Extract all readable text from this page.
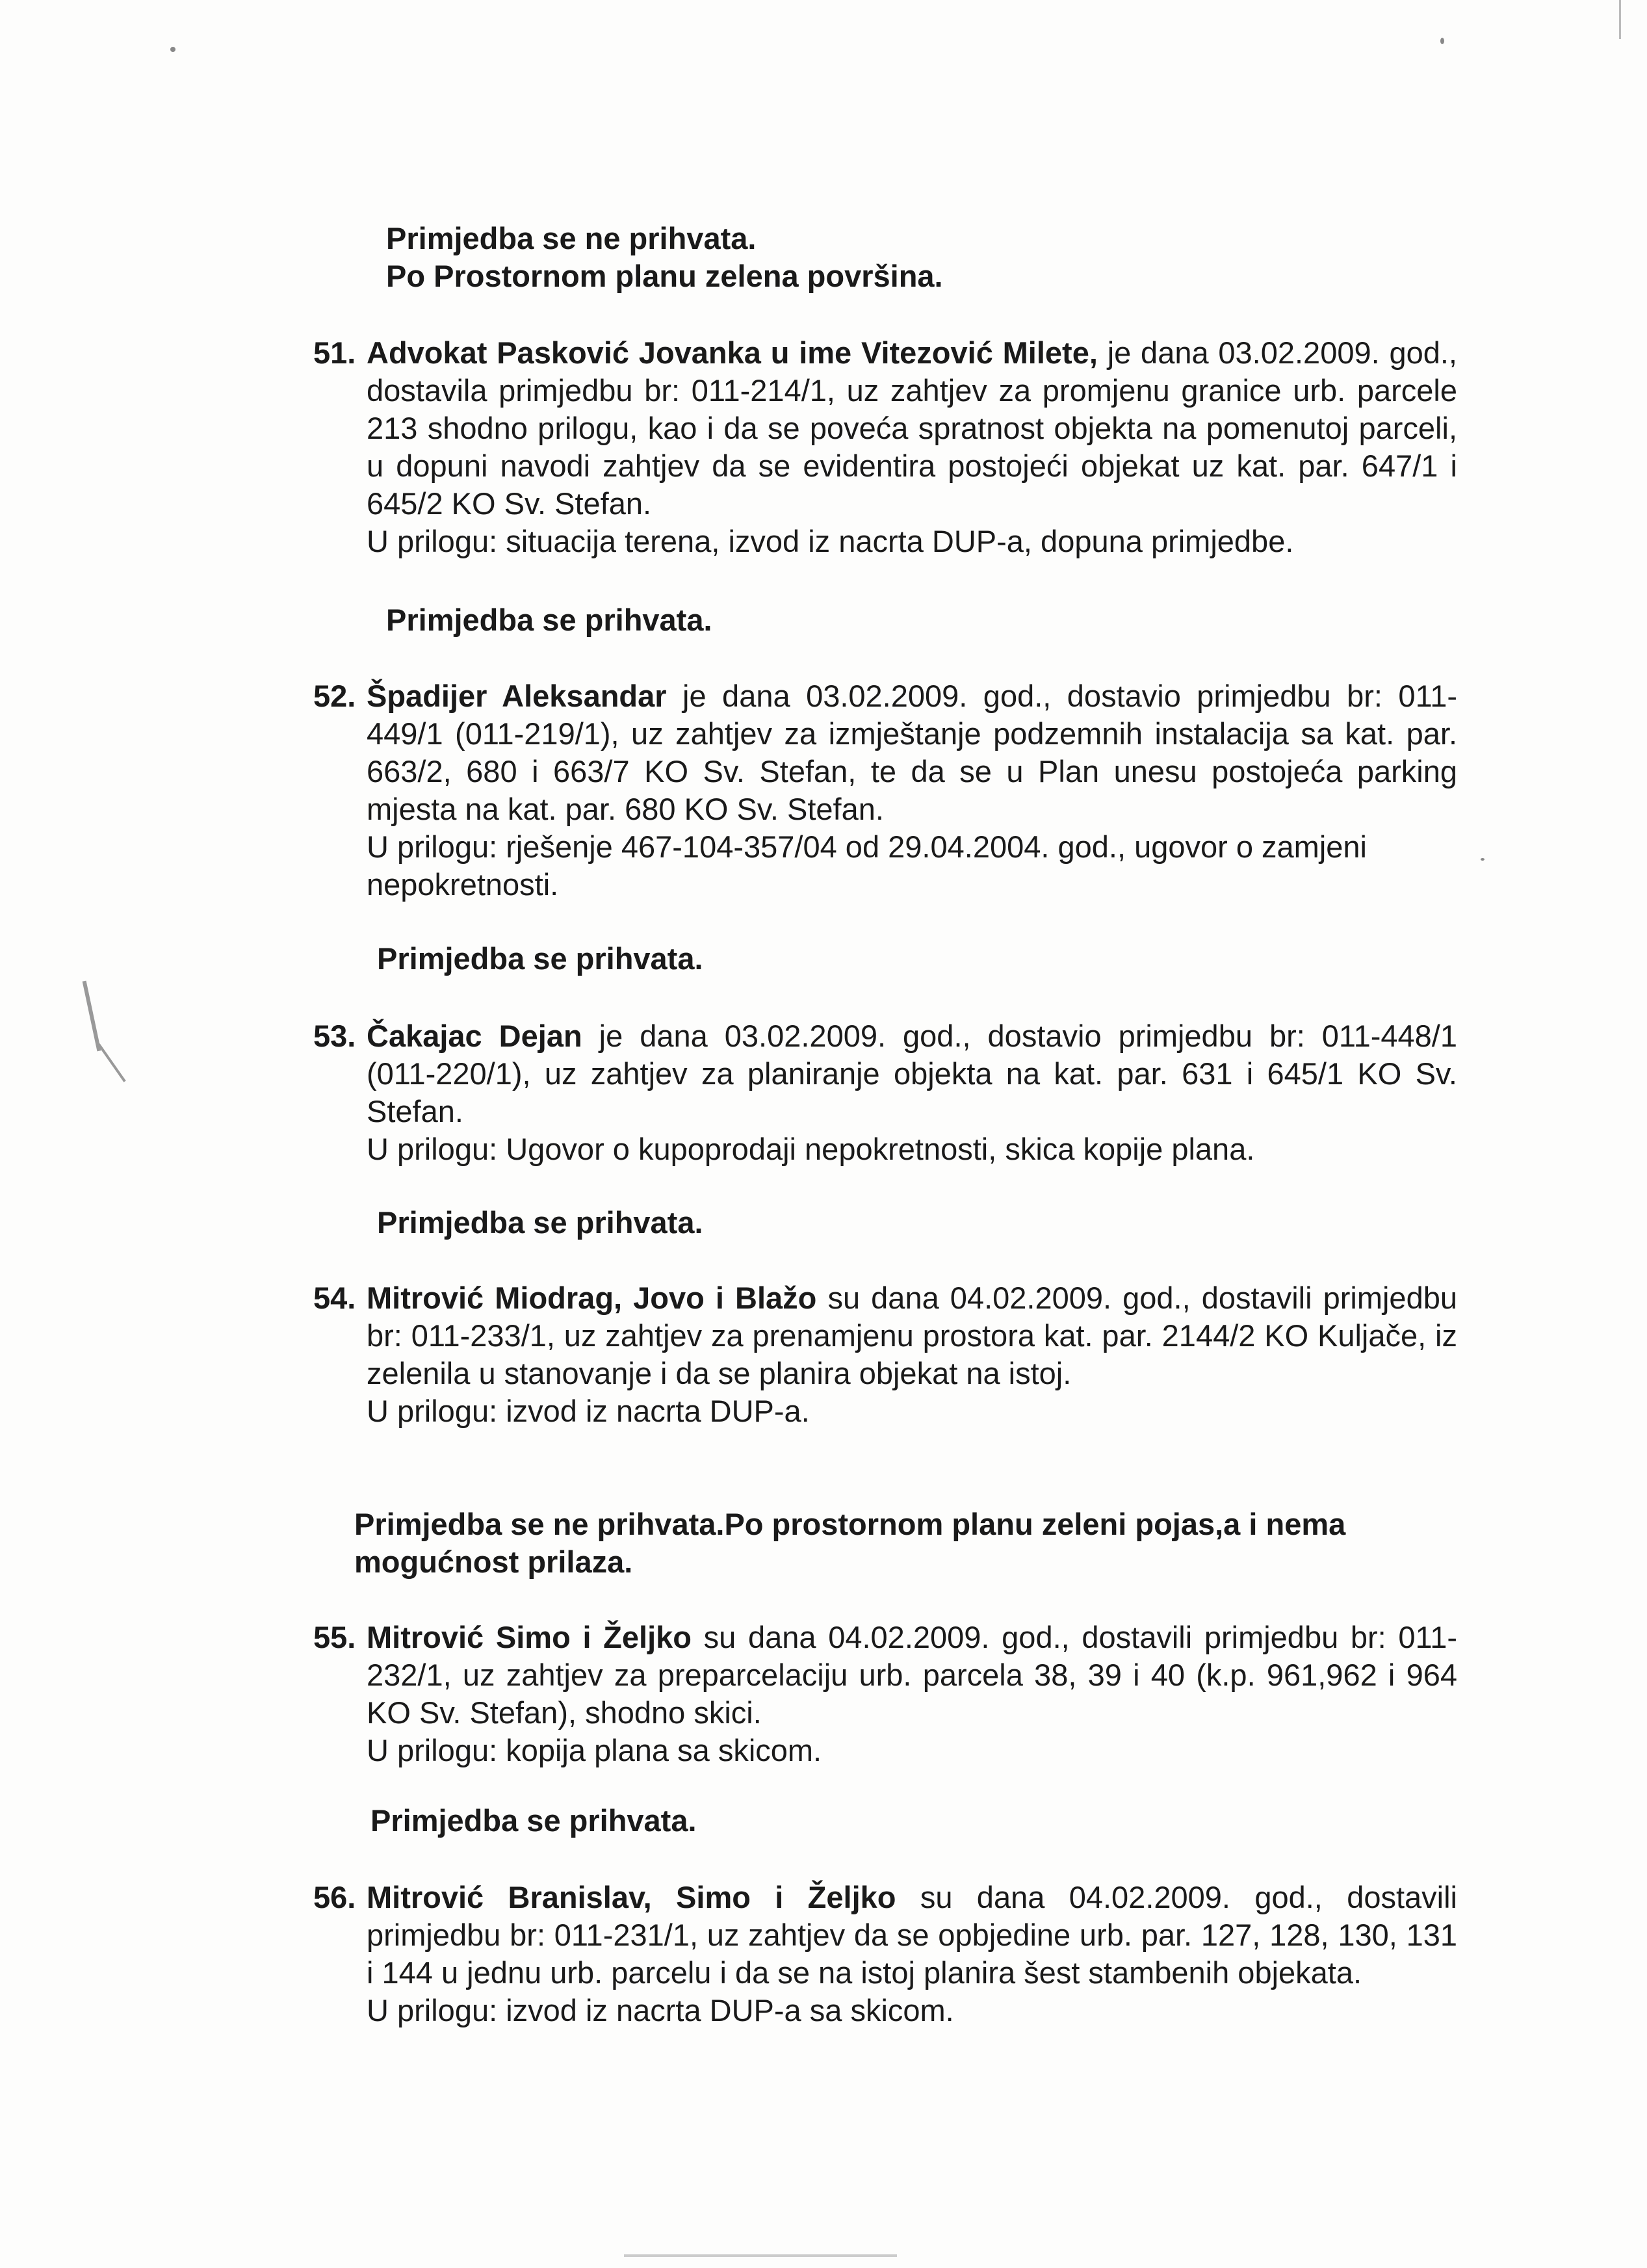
Primjedba se ne prihvata.

Po Prostornom planu zelena površina.

51. Advokat Pasković Jovanka u ime Vitezović Milete, je dana 03.02.2009. god., dostavila primjedbu br: 011-214/1, uz zahtjev za promjenu granice urb. parcele 213 shodno prilogu, kao i da se poveća spratnost objekta na pomenutoj parceli, u dopuni navodi zahtjev da se evidentira postojeći objekat uz kat. par. 647/1 i 645/2 KO Sv. Stefan.
U prilogu: situacija terena, izvod iz nacrta DUP-a, dopuna primjedbe.

Primjedba se prihvata.

52. Špadijer Aleksandar je dana 03.02.2009. god., dostavio primjedbu br: 011-449/1 (011-219/1), uz zahtjev za izmještanje podzemnih instalacija sa kat. par. 663/2, 680 i 663/7 KO Sv. Stefan, te da se u Plan unesu postojeća parking mjesta na kat. par. 680 KO Sv. Stefan.
U prilogu: rješenje 467-104-357/04 od 29.04.2004. god., ugovor o zamjeni nepokretnosti.

Primjedba se prihvata.

53. Čakajac Dejan je dana 03.02.2009. god., dostavio primjedbu br: 011-448/1 (011-220/1), uz zahtjev za planiranje objekta na kat. par. 631 i 645/1 KO Sv. Stefan.
U prilogu: Ugovor o kupoprodaji nepokretnosti, skica kopije plana.

Primjedba se prihvata.

54. Mitrović Miodrag, Jovo i Blažo su dana 04.02.2009. god., dostavili primjedbu br: 011-233/1, uz zahtjev za prenamjenu prostora kat. par. 2144/2 KO Kuljače, iz zelenila u stanovanje i da se planira objekat na istoj.
U prilogu: izvod iz nacrta DUP-a.

Primjedba se ne prihvata.Po prostornom planu zeleni pojas,a i nema mogućnost prilaza.

55. Mitrović Simo i Željko su dana 04.02.2009. god., dostavili primjedbu br: 011-232/1, uz zahtjev za preparcelaciju urb. parcela 38, 39 i 40 (k.p. 961,962 i 964 KO Sv. Stefan), shodno skici.
U prilogu: kopija plana sa skicom.

Primjedba se prihvata.

56. Mitrović Branislav, Simo i Željko su dana 04.02.2009. god., dostavili primjedbu br: 011-231/1, uz zahtjev da se opbjedine urb. par. 127, 128, 130, 131 i 144 u jednu urb. parcelu i da se na istoj planira šest stambenih objekata.
U prilogu: izvod iz nacrta DUP-a sa skicom.
